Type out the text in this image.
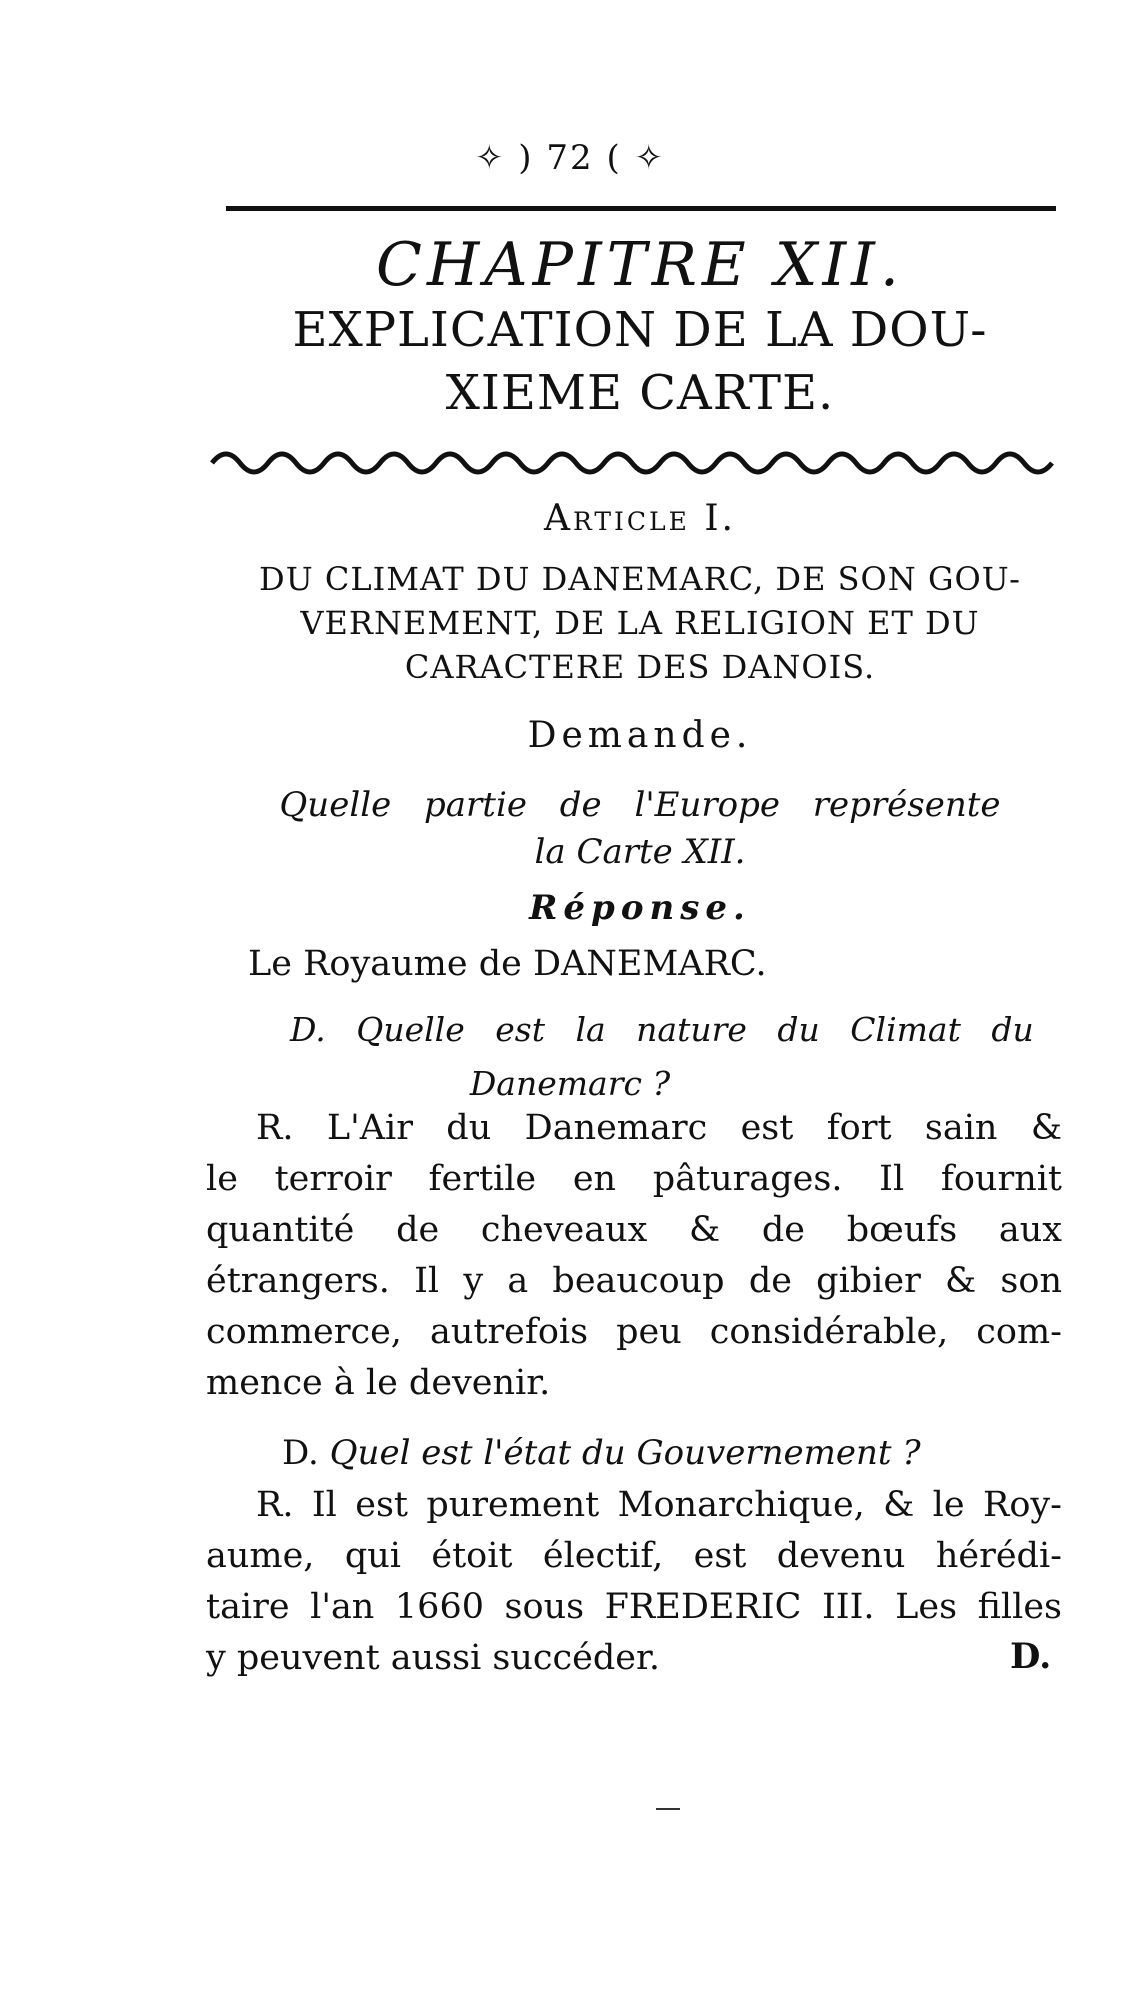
✧ ) 72 ( ✧
CHAPITRE XII.
EXPLICATION DE LA DOU-
XIEME CARTE.
Article I.
DU CLIMAT DU DANEMARC, DE SON GOU-
VERNEMENT, DE LA RELIGION ET DU
CARACTERE DES DANOIS.
Demande.
Quelle partie de l'Europe représente
la Carte XII.
Réponse.
Le Royaume de DANEMARC.
D. Quelle est la nature du Climat du
Danemarc ?
R. L'Air du Danemarc est fort sain &
le terroir fertile en pâturages. Il fournit
quantité de cheveaux & de bœufs aux
étrangers. Il y a beaucoup de gibier & son
commerce, autrefois peu considérable, com-
mence à le devenir.
D. Quel est l'état du Gouvernement ?
R. Il est purement Monarchique, & le Roy-
aume, qui étoit électif, est devenu hérédi-
taire l'an 1660 sous FREDERIC III. Les filles
y peuvent aussi succéder.	D.
